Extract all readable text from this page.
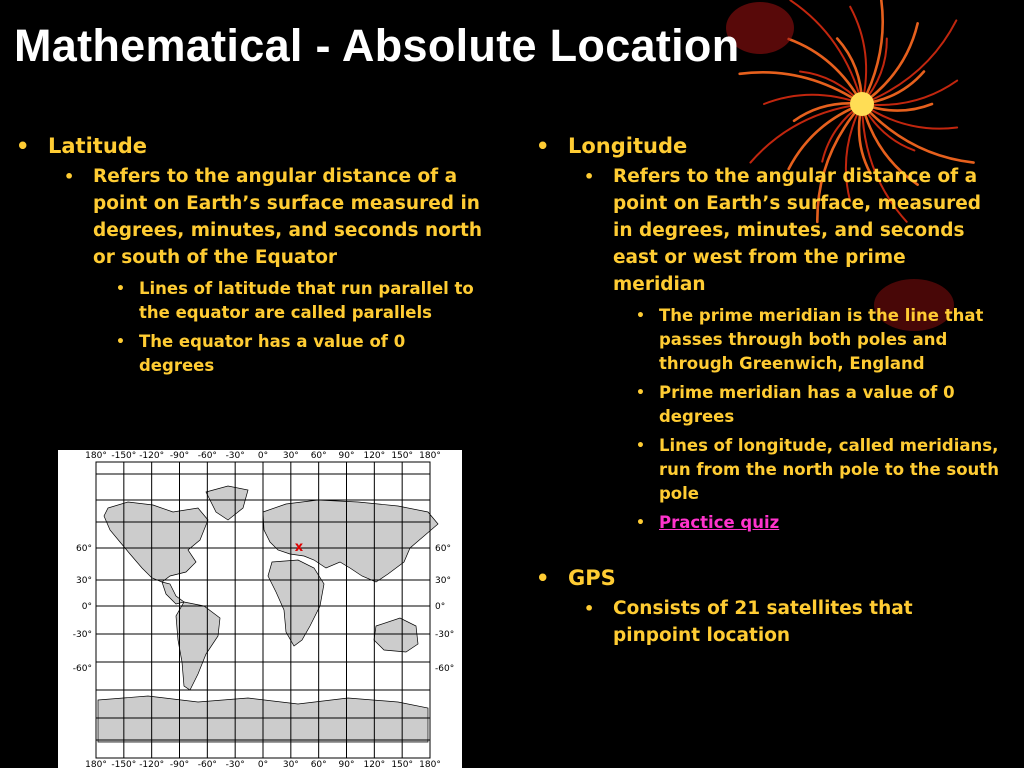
Mathematical - Absolute Location
• Latitude
• Refers to the angular distance of a point on Earth’s surface measured in degrees, minutes, and seconds north or south of the Equator
• Lines of latitude that run parallel to the equator are called parallels
• The equator has a value of 0 degrees
• Longitude
• Refers to the angular distance of a point on Earth’s surface, measured in degrees, minutes, and seconds east or west from the prime meridian
• The prime meridian is the line that passes through both poles and through Greenwich, England
• Prime meridian has a value of 0 degrees
• Lines of longitude, called meridians, run from the north pole to the south pole
• Practice quiz
• GPS
• Consists of 21 satellites that pinpoint location
180° -150° -120° -90° -60° -30° 0° 30° 60° 90° 120° 150° 180°
180° -150° -120° -90° -60° -30° 0° 30° 60° 90° 120° 150° 180°
60°	60°
30°	30°
0°	0°
-30°	-30°
-60°	-60°
x
